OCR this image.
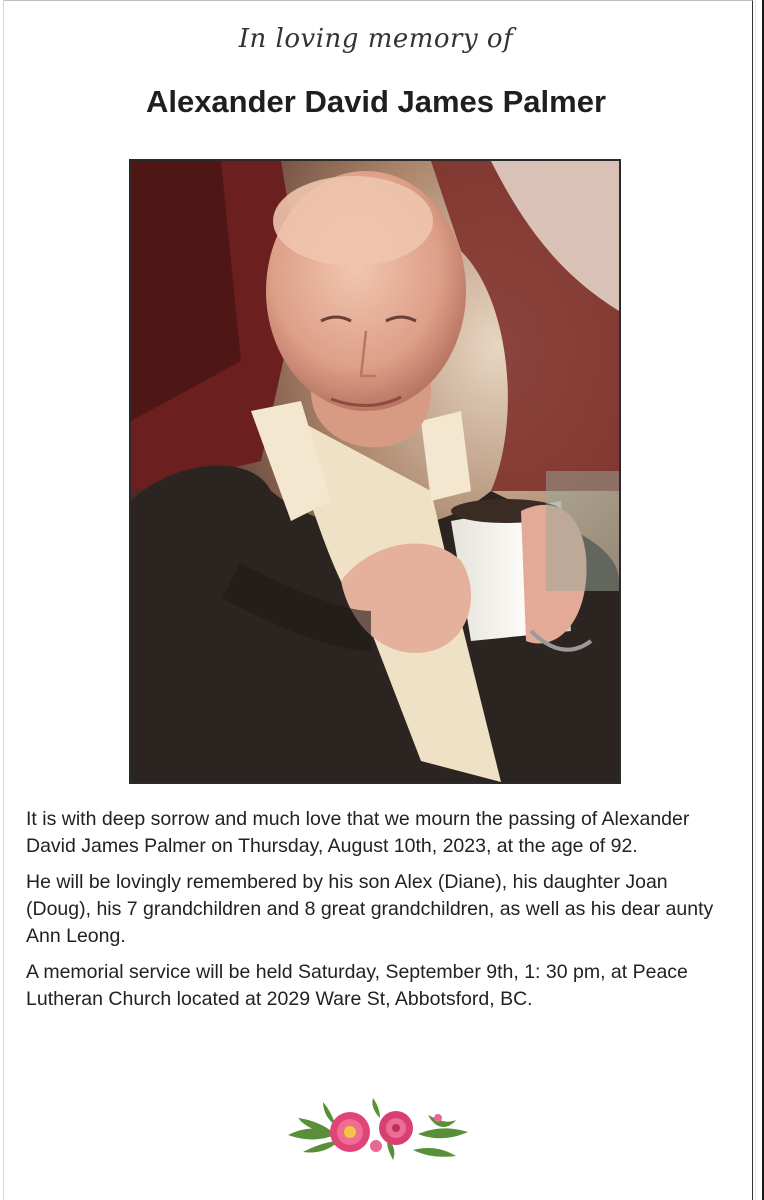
In loving memory of
Alexander David James Palmer

It is with deep sorrow and much love that we mourn the passing of Alexander David James Palmer on Thursday, August 10th, 2023, at the age of 92.

He will be lovingly remembered by his son Alex (Diane), his daughter Joan (Doug), his 7 grandchildren and 8 great grandchildren, as well as his dear aunty Ann Leong.

A memorial service will be held Saturday, September 9th, 1: 30 pm, at Peace Lutheran Church located at 2029 Ware St, Abbotsford, BC.
